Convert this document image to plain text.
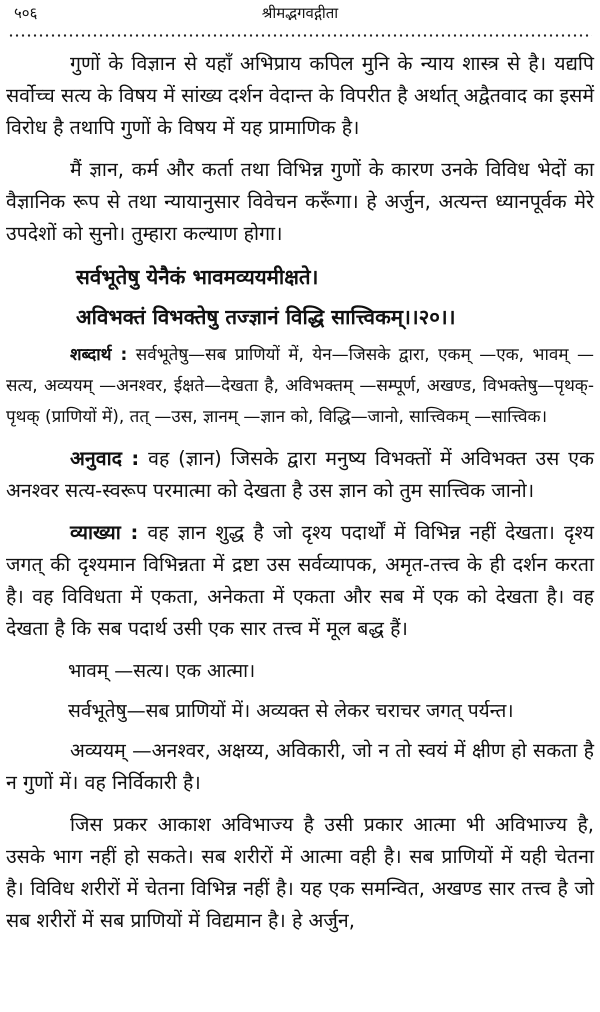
५०६	श्रीमद्भगवद्गीता

गुणों के विज्ञान से यहाँ अभिप्राय कपिल मुनि के न्याय शास्त्र से है। यद्यपि सर्वोच्च सत्य के विषय में सांख्य दर्शन वेदान्त के विपरीत है अर्थात् अद्वैतवाद का इसमें विरोध है तथापि गुणों के विषय में यह प्रामाणिक है।

मैं ज्ञान, कर्म और कर्ता तथा विभिन्न गुणों के कारण उनके विविध भेदों का वैज्ञानिक रूप से तथा न्यायानुसार विवेचन करूँगा। हे अर्जुन, अत्यन्त ध्यानपूर्वक मेरे उपदेशों को सुनो। तुम्हारा कल्याण होगा।

सर्वभूतेषु येनैकं भावमव्ययमीक्षते।
अविभक्तं विभक्तेषु तज्ज्ञानं विद्धि सात्त्विकम्।।२०।।

शब्दार्थ : सर्वभूतेषु—सब प्राणियों में, येन—जिसके द्वारा, एकम् —एक, भावम् —सत्य, अव्ययम् —अनश्वर, ईक्षते—देखता है, अविभक्तम् —सम्पूर्ण, अखण्ड, विभक्तेषु—पृथक्-पृथक् (प्राणियों में), तत् —उस, ज्ञानम् —ज्ञान को, विद्धि—जानो, सात्त्विकम् —सात्त्विक।

अनुवाद : वह (ज्ञान) जिसके द्वारा मनुष्य विभक्तों में अविभक्त उस एक अनश्वर सत्य-स्वरूप परमात्मा को देखता है उस ज्ञान को तुम सात्त्विक जानो।

व्याख्या : वह ज्ञान शुद्ध है जो दृश्य पदार्थों में विभिन्न नहीं देखता। दृश्य जगत् की दृश्यमान विभिन्नता में द्रष्टा उस सर्वव्यापक, अमृत-तत्त्व के ही दर्शन करता है। वह विविधता में एकता, अनेकता में एकता और सब में एक को देखता है। वह देखता है कि सब पदार्थ उसी एक सार तत्त्व में मूल बद्ध हैं।

भावम् —सत्य। एक आत्मा।
सर्वभूतेषु—सब प्राणियों में। अव्यक्त से लेकर चराचर जगत् पर्यन्त।

अव्ययम् —अनश्वर, अक्षय्य, अविकारी, जो न तो स्वयं में क्षीण हो सकता है न गुणों में। वह निर्विकारी है।

जिस प्रकर आकाश अविभाज्य है उसी प्रकार आत्मा भी अविभाज्य है, उसके भाग नहीं हो सकते। सब शरीरों में आत्मा वही है। सब प्राणियों में यही चेतना है। विविध शरीरों में चेतना विभिन्न नहीं है। यह एक समन्वित, अखण्ड सार तत्त्व है जो सब शरीरों में सब प्राणियों में विद्यमान है। हे अर्जुन,
